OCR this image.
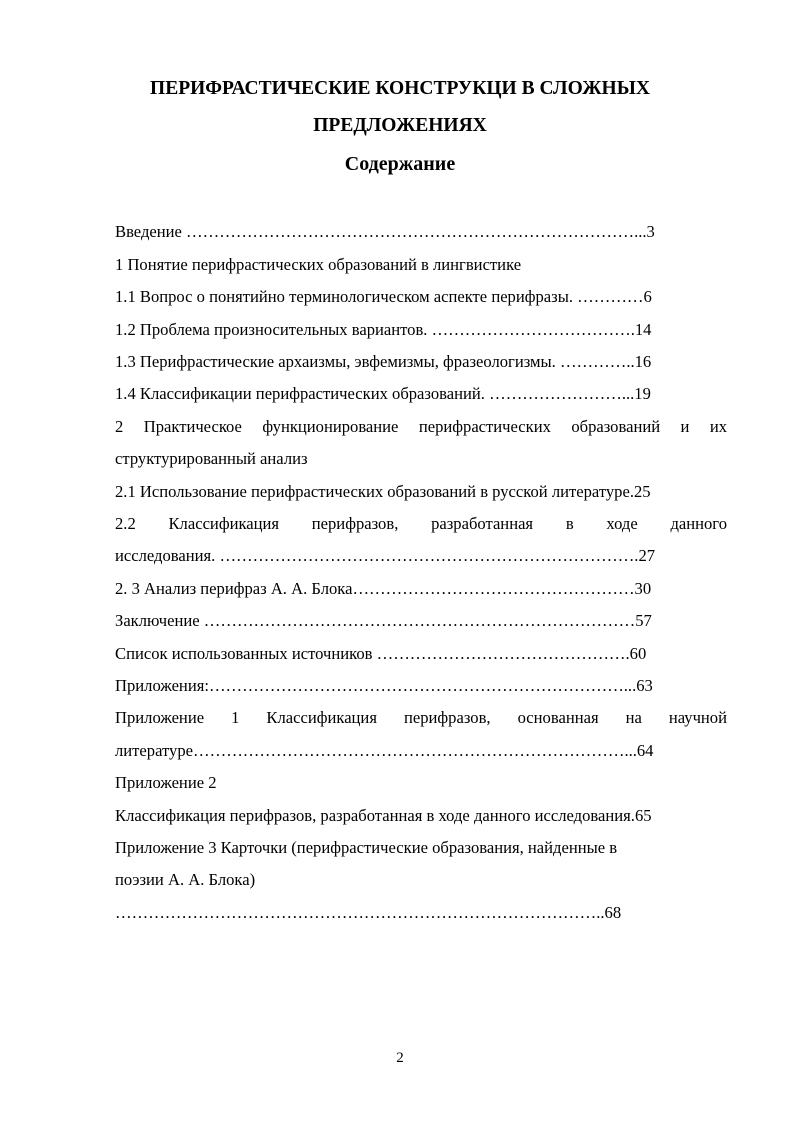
ПЕРИФРАСТИЧЕСКИЕ КОНСТРУКЦИ В СЛОЖНЫХ
ПРЕДЛОЖЕНИЯХ
Содержание
Введение ………………………………………………………………………...3
1 Понятие перифрастических образований в лингвистике
1.1 Вопрос о понятийно терминологическом аспекте перифразы. …………6
1.2 Проблема произносительных вариантов. ……………………………….14
1.3 Перифрастические архаизмы, эвфемизмы, фразеологизмы. …………..16
1.4 Классификации перифрастических образований. ……………………...19
2 Практическое функционирование перифрастических образований и их
структурированный анализ
2.1 Использование перифрастических образований в русской литературе.25
2.2 Классификация перифразов, разработанная в ходе данного
исследования. ………………………………………………………………….27
2. 3 Анализ перифраз А. А. Блока……………………………………………30
Заключение ……………………………………………………………………57
Список использованных источников ……………………………………….60
Приложения:…………………………………………………………………...63
Приложение 1 Классификация перифразов, основанная на научной
литературе……………………………………………………………………...64
Приложение 2
Классификация перифразов, разработанная в ходе данного исследования.65
Приложение 3 Карточки (перифрастические образования, найденные в
поэзии А. А. Блока)
……………………………………………………………………………..68
2
